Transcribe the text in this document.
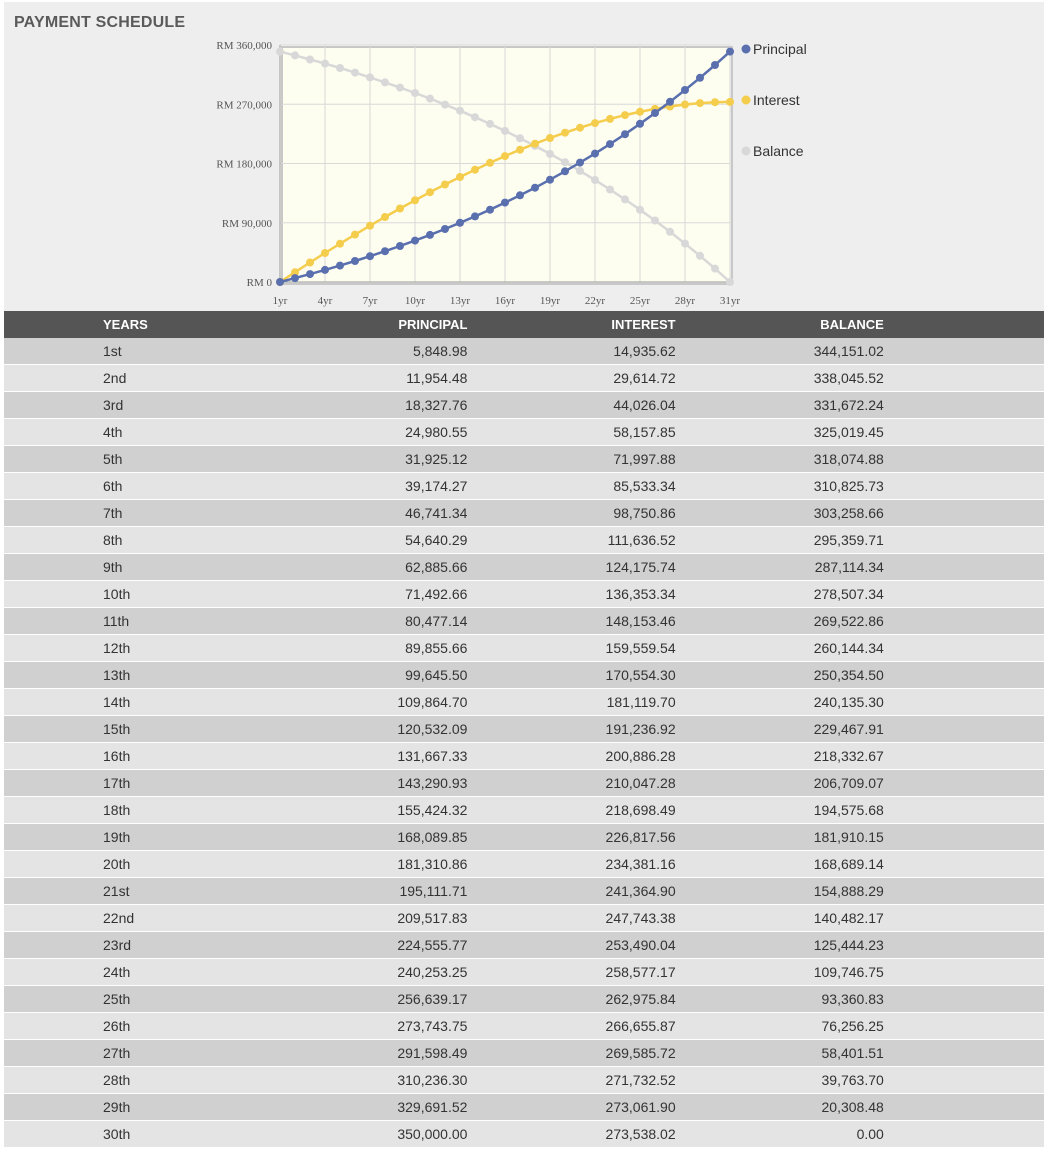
PAYMENT SCHEDULE
RM 0
RM 90,000
RM 180,000
RM 270,000
RM 360,000
1yr	4yr	7yr	10yr 13yr 16yr 19yr 22yr 25yr 28yr 31yr
Principal
Interest
Balance
YEARS	PRINCIPAL	INTEREST	BALANCE	
1st	5,848.98	14,935.62	344,151.02	
2nd	11,954.48	29,614.72	338,045.52	
3rd	18,327.76	44,026.04	331,672.24	
4th	24,980.55	58,157.85	325,019.45	
5th	31,925.12	71,997.88	318,074.88	
6th	39,174.27	85,533.34	310,825.73	
7th	46,741.34	98,750.86	303,258.66	
8th	54,640.29	111,636.52	295,359.71	
9th	62,885.66	124,175.74	287,114.34	
10th	71,492.66	136,353.34	278,507.34	
11th	80,477.14	148,153.46	269,522.86	
12th	89,855.66	159,559.54	260,144.34	
13th	99,645.50	170,554.30	250,354.50	
14th	109,864.70	181,119.70	240,135.30	
15th	120,532.09	191,236.92	229,467.91	
16th	131,667.33	200,886.28	218,332.67	
17th	143,290.93	210,047.28	206,709.07	
18th	155,424.32	218,698.49	194,575.68	
19th	168,089.85	226,817.56	181,910.15	
20th	181,310.86	234,381.16	168,689.14	
21st	195,111.71	241,364.90	154,888.29	
22nd	209,517.83	247,743.38	140,482.17	
23rd	224,555.77	253,490.04	125,444.23	
24th	240,253.25	258,577.17	109,746.75	
25th	256,639.17	262,975.84	93,360.83	
26th	273,743.75	266,655.87	76,256.25	
27th	291,598.49	269,585.72	58,401.51	
28th	310,236.30	271,732.52	39,763.70	
29th	329,691.52	273,061.90	20,308.48	
30th	350,000.00	273,538.02	0.00	
